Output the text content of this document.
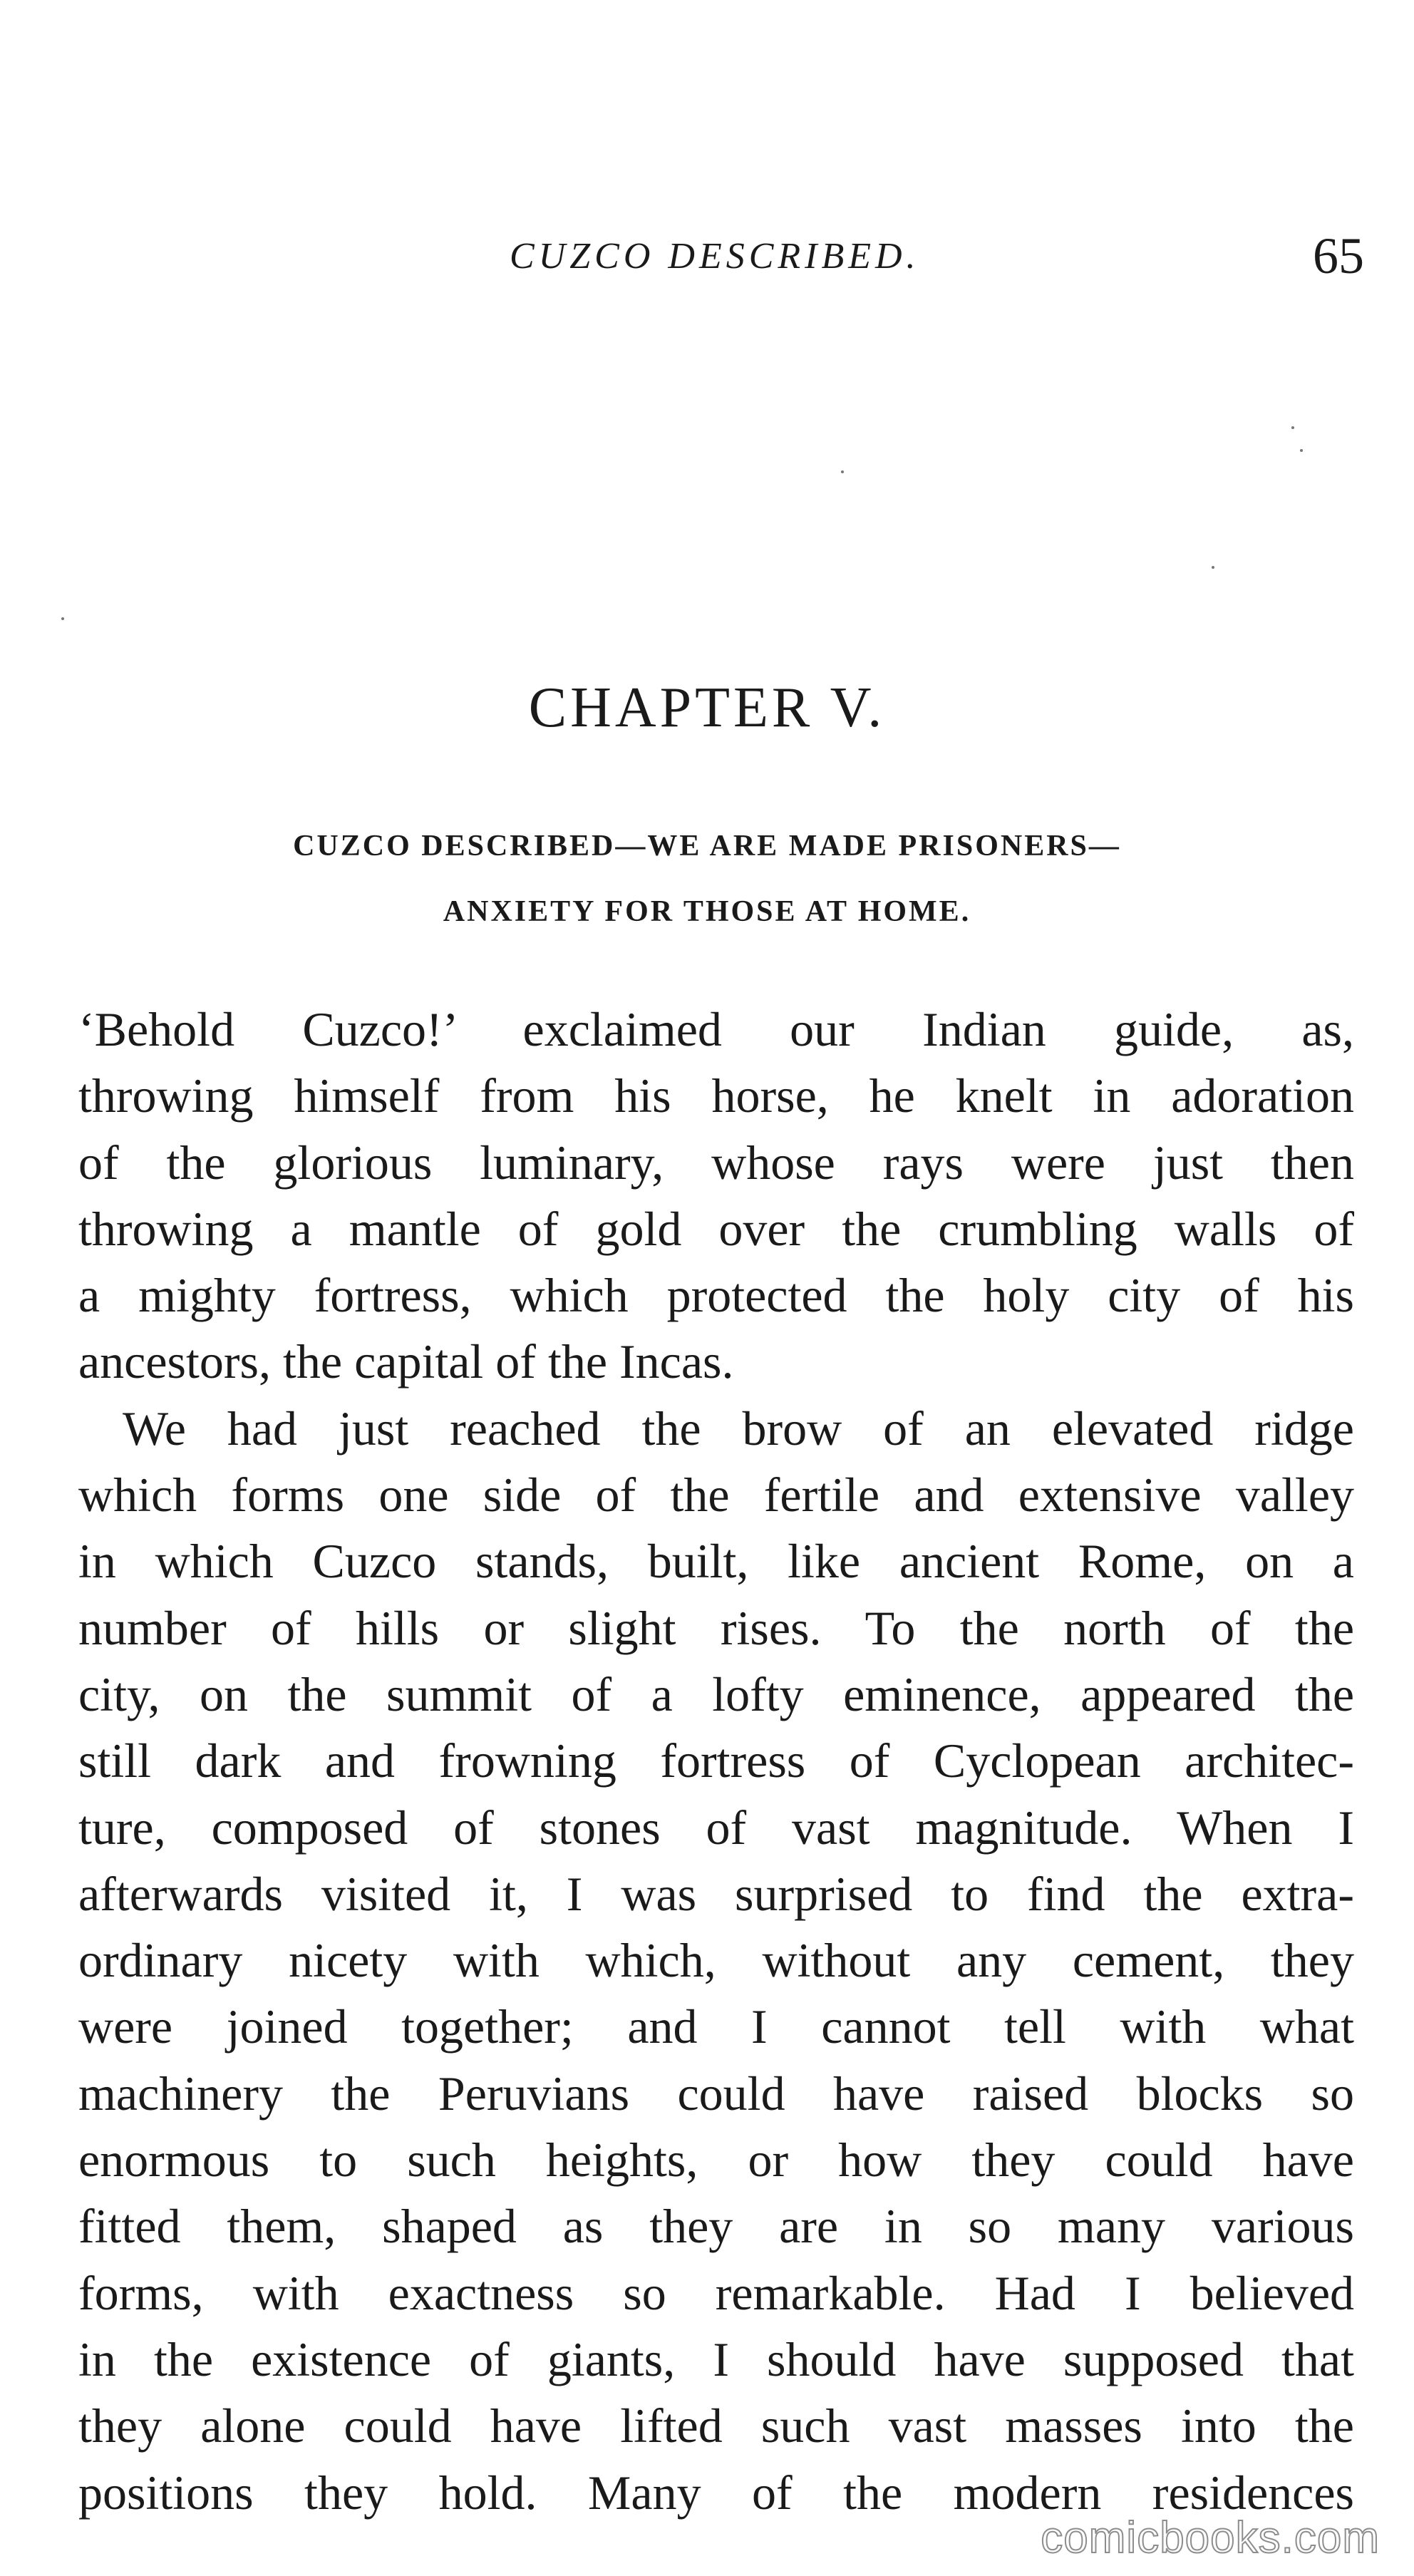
CUZCO DESCRIBED.	65
CHAPTER V.
CUZCO DESCRIBED—WE ARE MADE PRISONERS—
ANXIETY FOR THOSE AT HOME.
‘Behold Cuzco!’ exclaimed our Indian guide, as,
throwing himself from his horse, he knelt in adoration
of the glorious luminary, whose rays were just then
throwing a mantle of gold over the crumbling walls of
a mighty fortress, which protected the holy city of his
ancestors, the capital of the Incas.
We had just reached the brow of an elevated ridge
which forms one side of the fertile and extensive valley
in which Cuzco stands, built, like ancient Rome, on a
number of hills or slight rises. To the north of the
city, on the summit of a lofty eminence, appeared the
still dark and frowning fortress of Cyclopean architec-
ture, composed of stones of vast magnitude. When I
afterwards visited it, I was surprised to find the extra-
ordinary nicety with which, without any cement, they
were joined together; and I cannot tell with what
machinery the Peruvians could have raised blocks so
enormous to such heights, or how they could have
fitted them, shaped as they are in so many various
forms, with exactness so remarkable. Had I believed
in the existence of giants, I should have supposed that
they alone could have lifted such vast masses into the
positions they hold. Many of the modern residences
comicbooks.com
